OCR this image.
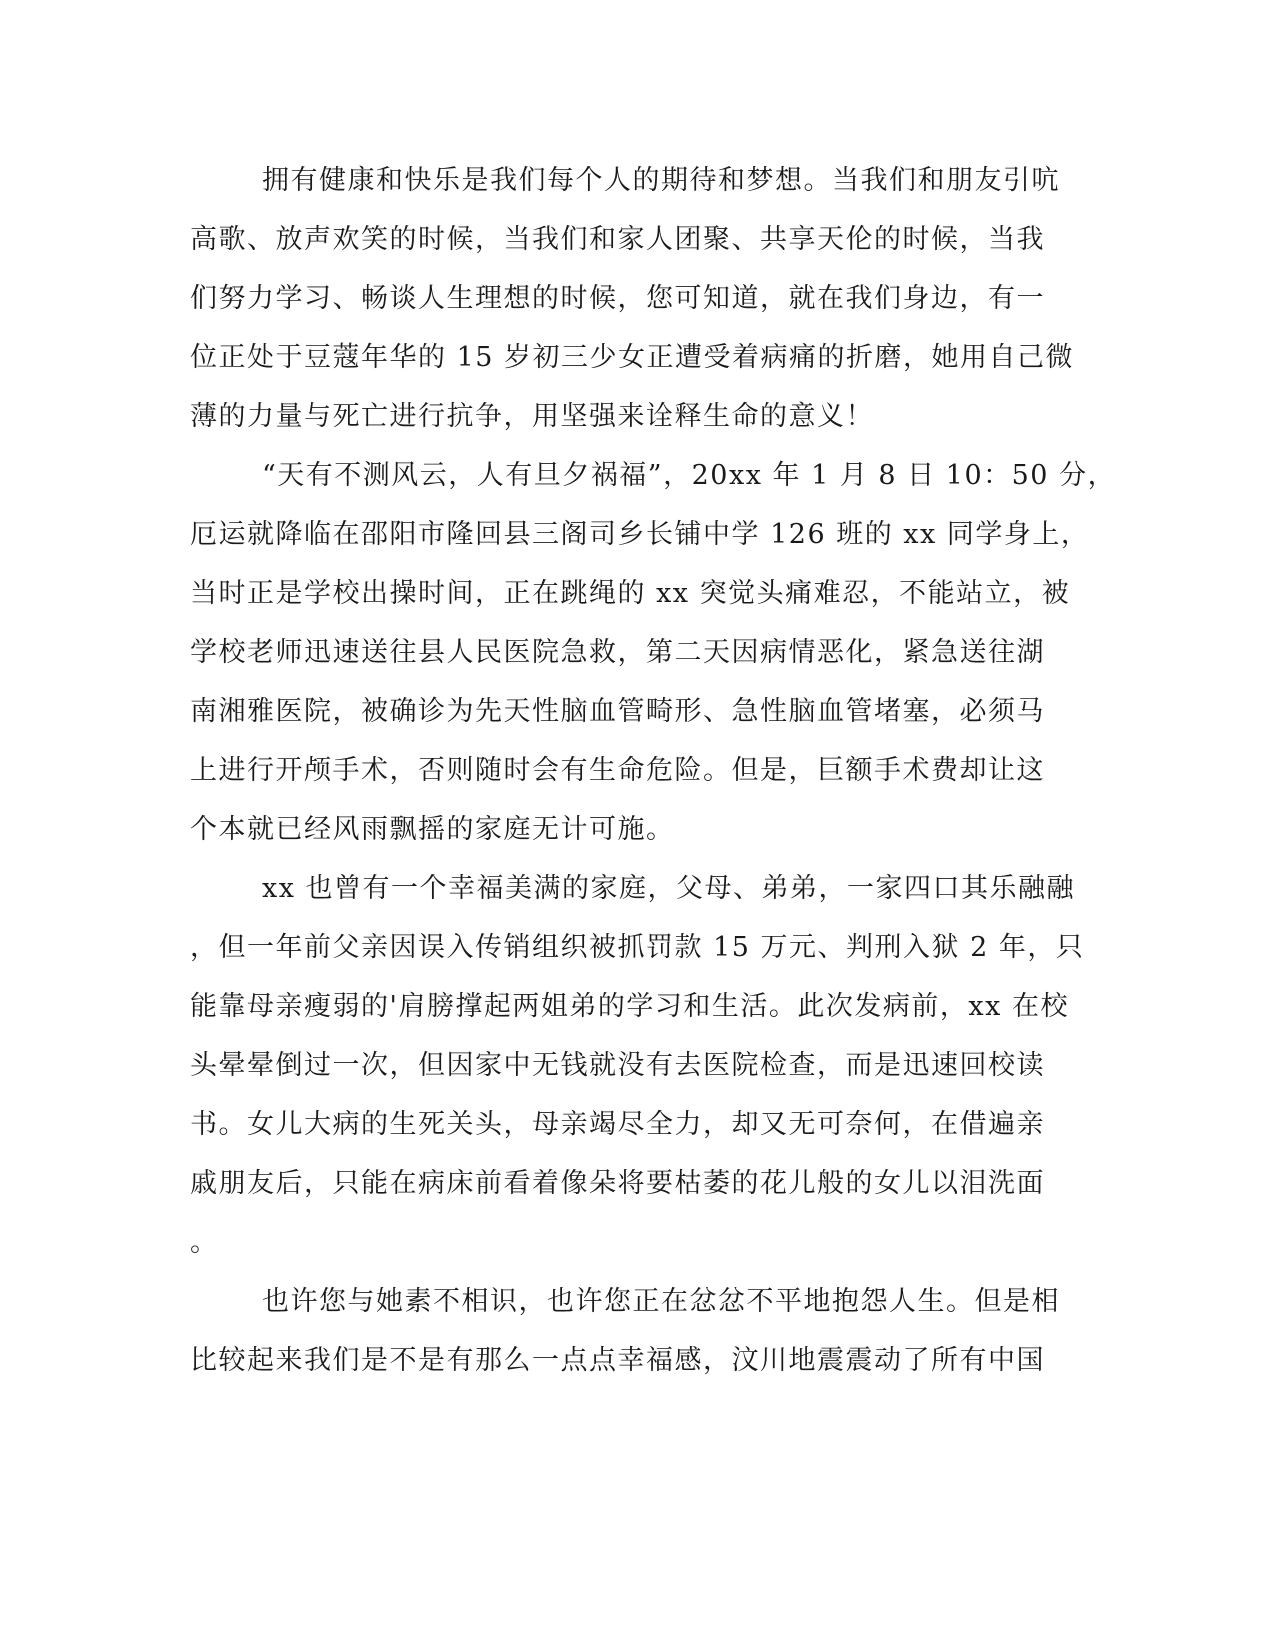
拥有健康和快乐是我们每个人的期待和梦想。当我们和朋友引吭
高歌、放声欢笑的时候，当我们和家人团聚、共享天伦的时候，当我
们努力学习、畅谈人生理想的时候，您可知道，就在我们身边，有一
位正处于豆蔻年华的 15 岁初三少女正遭受着病痛的折磨，她用自己微
薄的力量与死亡进行抗争，用坚强来诠释生命的意义！
“天有不测风云，人有旦夕祸福”，20xx 年 1 月 8 日 10：50 分，
厄运就降临在邵阳市隆回县三阁司乡长铺中学 126 班的 xx 同学身上，
当时正是学校出操时间，正在跳绳的 xx 突觉头痛难忍，不能站立，被
学校老师迅速送往县人民医院急救，第二天因病情恶化，紧急送往湖
南湘雅医院，被确诊为先天性脑血管畸形、急性脑血管堵塞，必须马
上进行开颅手术，否则随时会有生命危险。但是，巨额手术费却让这
个本就已经风雨飘摇的家庭无计可施。
xx 也曾有一个幸福美满的家庭，父母、弟弟，一家四口其乐融融
，但一年前父亲因误入传销组织被抓罚款 15 万元、判刑入狱 2 年，只
能靠母亲瘦弱的'肩膀撑起两姐弟的学习和生活。此次发病前，xx 在校
头晕晕倒过一次，但因家中无钱就没有去医院检查，而是迅速回校读
书。女儿大病的生死关头，母亲竭尽全力，却又无可奈何，在借遍亲
戚朋友后，只能在病床前看着像朵将要枯萎的花儿般的女儿以泪洗面
。
也许您与她素不相识，也许您正在忿忿不平地抱怨人生。但是相
比较起来我们是不是有那么一点点幸福感，汶川地震震动了所有中国
